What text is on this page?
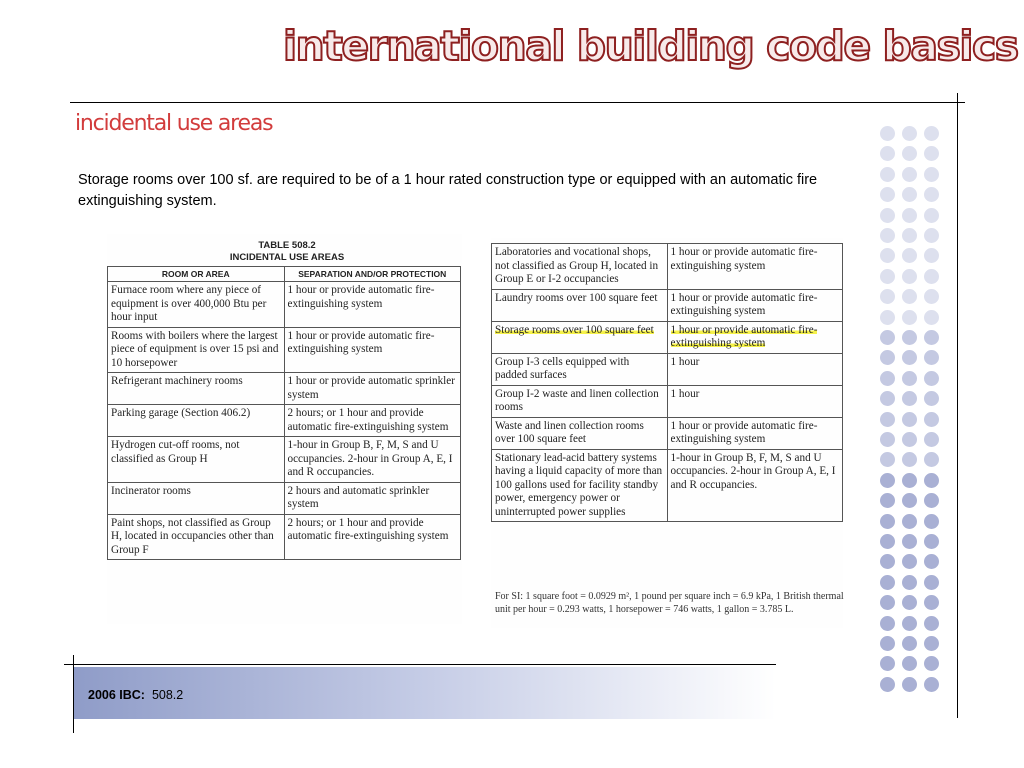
international building code basics
incidental use areas
Storage rooms over 100 sf. are required to be of a 1 hour rated construction type or equipped with an automatic fire extinguishing system.
TABLE 508.2
INCIDENTAL USE AREAS
ROOM OR AREA	SEPARATION AND/OR PROTECTION
Furnace room where any piece of equipment is over 400,000 Btu per hour input	1 hour or provide automatic fire-extinguishing system
Rooms with boilers where the largest piece of equipment is over 15 psi and 10 horsepower	1 hour or provide automatic fire-extinguishing system
Refrigerant machinery rooms	1 hour or provide automatic sprinkler system
Parking garage (Section 406.2)	2 hours; or 1 hour and provide automatic fire-extinguishing system
Hydrogen cut-off rooms, not classified as Group H	1-hour in Group B, F, M, S and U occupancies. 2-hour in Group A, E, I and R occupancies.
Incinerator rooms	2 hours and automatic sprinkler system
Paint shops, not classified as Group H, located in occupancies other than Group F	2 hours; or 1 hour and provide automatic fire-extinguishing system
Laboratories and vocational shops, not classified as Group H, located in Group E or I-2 occupancies	1 hour or provide automatic fire-extinguishing system
Laundry rooms over 100 square feet	1 hour or provide automatic fire-extinguishing system
Storage rooms over 100 square feet	1 hour or provide automatic fire-extinguishing system
Group I-3 cells equipped with padded surfaces	1 hour
Group I-2 waste and linen collection rooms	1 hour
Waste and linen collection rooms over 100 square feet	1 hour or provide automatic fire-extinguishing system
Stationary lead-acid battery systems having a liquid capacity of more than 100 gallons used for facility standby power, emergency power or uninterrupted power supplies	1-hour in Group B, F, M, S and U occupancies. 2-hour in Group A, E, I and R occupancies.
For SI: 1 square foot = 0.0929 m², 1 pound per square inch = 6.9 kPa, 1 British thermal unit per hour = 0.293 watts, 1 horsepower = 746 watts, 1 gallon = 3.785 L.
2006 IBC: 508.2
